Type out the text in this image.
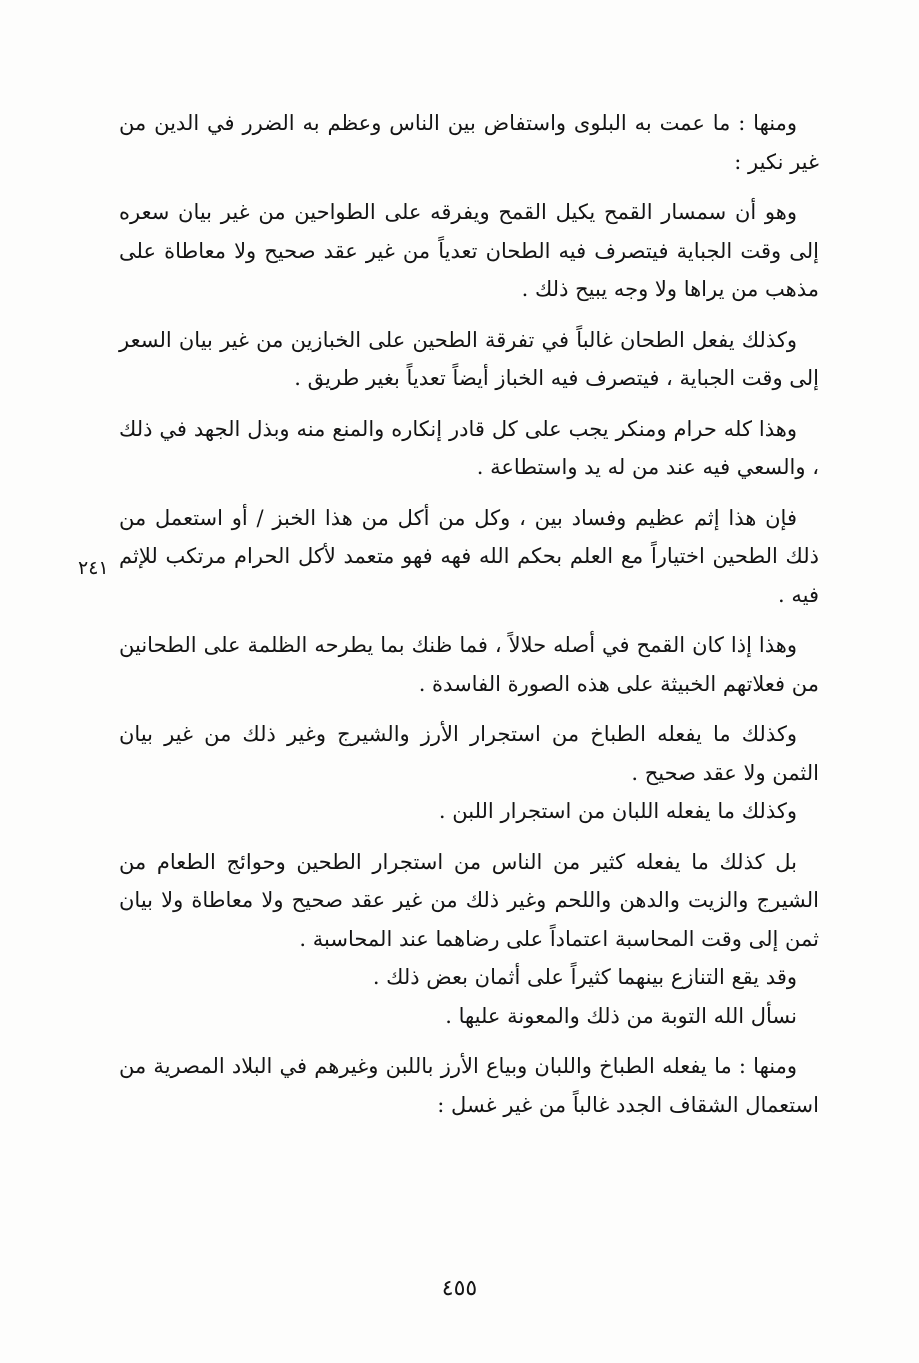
ومنها : ما عمت به البلوى واستفاض بين الناس وعظم به الضرر في الدين من غير نكير :

وهو أن سمسار القمح يكيل القمح ويفرقه على الطواحين من غير بيان سعره إلى وقت الجباية فيتصرف فيه الطحان تعدياً من غير عقد صحيح ولا معاطاة على مذهب من يراها ولا وجه يبيح ذلك .

وكذلك يفعل الطحان غالباً في تفرقة الطحين على الخبازين من غير بيان السعر إلى وقت الجباية ، فيتصرف فيه الخباز أيضاً تعدياً بغير طريق .

وهذا كله حرام ومنكر يجب على كل قادر إنكاره والمنع منه وبذل الجهد في ذلك ، والسعي فيه عند من له يد واستطاعة .

فإن هذا إثم عظيم وفساد بين ، وكل من أكل من هذا الخبز / أو استعمل من ذلك الطحين اختياراً مع العلم بحكم الله فهه فهو متعمد لأكل الحرام مرتكب للإثم فيه .

وهذا إذا كان القمح في أصله حلالاً ، فما ظنك بما يطرحه الظلمة على الطحانين من فعلاتهم الخبيثة على هذه الصورة الفاسدة .

وكذلك ما يفعله الطباخ من استجرار الأرز والشيرج وغير ذلك من غير بيان الثمن ولا عقد صحيح .

وكذلك ما يفعله اللبان من استجرار اللبن .

بل كذلك ما يفعله كثير من الناس من استجرار الطحين وحوائج الطعام من الشيرج والزيت والدهن واللحم وغير ذلك من غير عقد صحيح ولا معاطاة ولا بيان ثمن إلى وقت المحاسبة اعتماداً على رضاهما عند المحاسبة .

وقد يقع التنازع بينهما كثيراً على أثمان بعض ذلك .

نسأل الله التوبة من ذلك والمعونة عليها .

ومنها : ما يفعله الطباخ واللبان وبياع الأرز باللبن وغيرهم في البلاد المصرية من استعمال الشقاف الجدد غالباً من غير غسل :

٢٤١
٤٥٥
